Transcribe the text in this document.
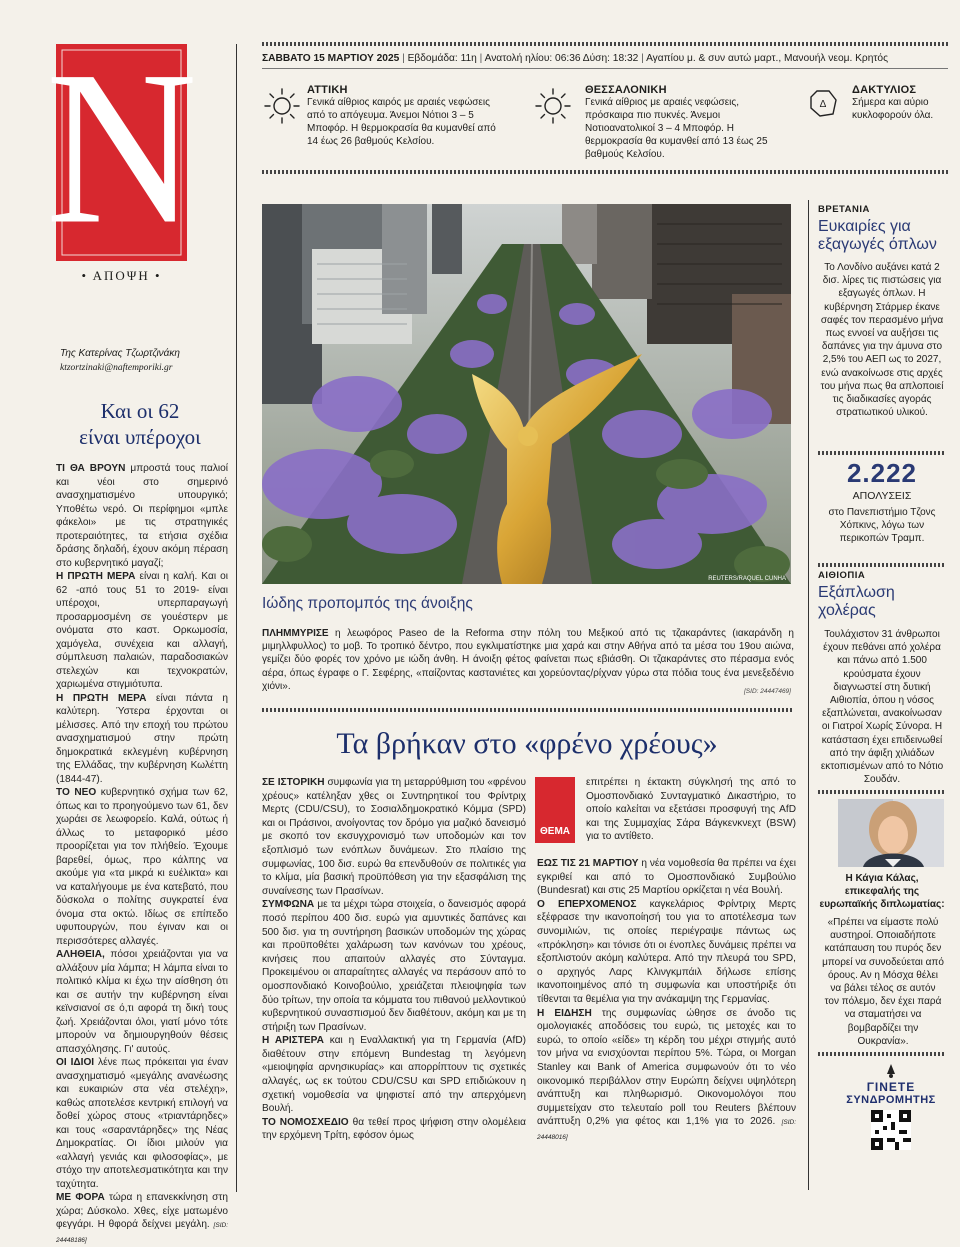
N
• ΑΠΟΨΗ •
ΣΑΒΒΑΤΟ 15 ΜΑΡΤΙΟΥ 2025 | Εβδομάδα: 11η | Ανατολή ηλίου: 06:36 Δύση: 18:32 | Αγαπίου μ. & συν αυτώ μαρτ., Μανουήλ νεομ. Κρητός
ΑΤΤΙΚΗ
Γενικά αίθριος καιρός με αραιές νεφώσεις από το απόγευμα. Άνεμοι Νότιοι 3 – 5 Μποφόρ. Η θερμοκρασία θα κυμανθεί από 14 έως 26 βαθμούς Κελσίου.
ΘΕΣΣΑΛΟΝΙΚΗ
Γενικά αίθριος με αραιές νεφώσεις, πρόσκαιρα πιο πυκνές. Άνεμοι Νοτιοανατολικοί 3 – 4 Μποφόρ. Η θερμοκρασία θα κυμανθεί από 13 έως 25 βαθμούς Κελσίου.
Δ
ΔΑΚΤΥΛΙΟΣ
Σήμερα και αύριο κυκλοφορούν όλα.
REUTERS/RAQUEL CUNHA
Ιώδης προπομπός της άνοιξης
ΠΛΗΜΜΥΡΙΣΕ η λεωφόρος Paseo de la Reforma στην πόλη του Μεξικού από τις τζακαράντες (ιακαράνδη η μιμηλλφυλλος) το μοβ. Το τροπικό δέντρο, που εγκλιματίστηκε μια χαρά και στην Αθήνα από τα μέσα του 19ου αιώνα, γεμίζει δύο φορές τον χρόνο με ιώδη άνθη. Η άνοιξη φέτος φαίνεται πως εβιάσθη. Οι τζακαράντες στο πέρασμα ενός αέρα, όπως έγραφε ο Γ. Σεφέρης, «παίζοντας καστανιέτες και χορεύοντας/ρίχναν γύρω στα πόδια τους ένα μενεξεδένιο χιόνι».	[SID: 24447469]
ΒΡΕΤΑΝΙΑ
Ευκαιρίες για εξαγωγές όπλων
Το Λονδίνο αυξάνει κατά 2 δισ. λίρες τις πιστώσεις για εξαγωγές όπλων. Η κυβέρνηση Στάρμερ έκανε σαφές τον περασμένο μήνα πως εννοεί να αυξήσει τις δαπάνες για την άμυνα στο 2,5% του ΑΕΠ ως το 2027, ενώ ανακοίνωσε στις αρχές του μήνα πως θα απλοποιεί τις διαδικασίες αγοράς στρατιωτικού υλικού.
2.222
ΑΠΟΛΥΣΕΙΣ
στο Πανεπιστήμιο Τζονς Χόπκινς, λόγω των περικοπών Τραμπ.
ΑΙΘΙΟΠΙΑ
Εξάπλωση χολέρας
Τουλάχιστον 31 άνθρωποι έχουν πεθάνει από χολέρα και πάνω από 1.500 κρούσματα έχουν διαγνωστεί στη δυτική Αιθιοπία, όπου η νόσος εξαπλώνεται, ανακοίνωσαν οι Γιατροί Χωρίς Σύνορα. Η κατάσταση έχει επιδεινωθεί από την άφιξη χιλιάδων εκτοπισμένων από το Νότιο Σουδάν.
Η Κάγια Κάλας, επικεφαλής της ευρωπαϊκής διπλωματίας:
«Πρέπει να είμαστε πολύ αυστηροί. Οποιαδήποτε κατάπαυση του πυρός δεν μπορεί να συνοδεύεται από όρους. Αν η Μόσχα θέλει να βάλει τέλος σε αυτόν τον πόλεμο, δεν έχει παρά να σταματήσει να βομβαρδίζει την Ουκρανία».
ΓΙΝΕΤΕ
ΣΥΝΔΡΟΜΗΤΗΣ
Της Κατερίνας Τζωρτζινάκη
ktzortzinaki@naftemporiki.gr
Και οι 62
είναι υπέροχοι

ΤΙ ΘΑ ΒΡΟΥΝ μπροστά τους παλιοί και νέοι στο σημερινό ανασχηματισμένο υπουργικό; Υποθέτω νερό. Οι περίφημοι «μπλε φάκελοι» με τις στρατηγικές προτεραιότητες, τα ετήσια σχέδια δράσης δηλαδή, έχουν ακόμη πέραση στο κυβερνητικό μαγαζί;

Η ΠΡΩΤΗ ΜΕΡΑ είναι η καλή. Και οι 62 -από τους 51 το 2019- είναι υπέροχοι, υπερπαραγωγή προσαρμοσμένη σε γουέστερν με ονόματα στο καστ. Ορκωμοσία, χαμόγελα, συνέχεια και αλλαγή, σύμπλευση παλαιών, παραδοσιακών στελεχών και τεχνοκρατών, χαριωμένα στιγμιότυπα.

Η ΠΡΩΤΗ ΜΕΡΑ είναι πάντα η καλύτερη. Ύστερα έρχονται οι μέλισσες. Από την εποχή του πρώτου ανασχηματισμού στην πρώτη δημοκρατικά εκλεγμένη κυβέρνηση της Ελλάδας, την κυβέρνηση Κωλέττη (1844-47).

ΤΟ ΝΕΟ κυβερνητικό σχήμα των 62, όπως και το προηγούμενο των 61, δεν χωράει σε λεωφορείο. Καλά, ούτως ή άλλως το μεταφορικό μέσο προορίζεται για τον πλήθείο. Έχουμε βαρεθεί, όμως, προ κάλπης να ακούμε για «τα μικρά κι ευέλικτα» και να καταλήγουμε με ένα κατεβατό, που δύσκολα ο πολίτης συγκρατεί ένα όνομα στα οκτώ. Ιδίως σε επίπεδο υφυπουργών, που έγιναν και οι περισσότερες αλλαγές.

ΑΛΗΘΕΙΑ, πόσοι χρειάζονται για να αλλάξουν μία λάμπα; Η λάμπα είναι το πολιτικό κλίμα κι έχω την αίσθηση ότι και σε αυτήν την κυβέρνηση είναι κεϊνσιανοί σε ό,τι αφορά τη δική τους ζωή. Χρειάζονται όλοι, γιατί μόνο τότε μπορούν να δημιουργηθούν θέσεις απασχόλησης. Γι' αυτούς.

ΟΙ ΙΔΙΟΙ λένε πως πρόκειται για έναν ανασχηματισμό «μεγάλης ανανέωσης και ευκαιριών στα νέα στελέχη», καθώς αποτελέσε κεντρική επιλογή να δοθεί χώρος στους «τριαντάρηδες» και τους «σαραντάρηδες» της Νέας Δημοκρατίας. Οι ίδιοι μιλούν για «αλλαγή γενιάς και φιλοσοφίας», με στόχο την αποτελεσματικότητα και την ταχύτητα.

ΜΕ ΦΟΡΑ τώρα η επανεκκίνηση στη χώρα; Δύσκολο. Χθες, είχε ματωμένο φεγγάρι. Η θφορά δείχνει μεγάλη. [SID: 24448186]

Τα βρήκαν στο «φρένο χρέους»

ΣΕ ΙΣΤΟΡΙΚΗ συμφωνία για τη μεταρρύθμιση του «φρένου χρέους» κατέληξαν χθες οι Συντηρητικοί του Φρίντριχ Μερτς (CDU/CSU), το Σοσιαλδημοκρατικό Κόμμα (SPD) και οι Πράσινοι, ανοίγοντας τον δρόμο για μαζικό δανεισμό με σκοπό τον εκσυγχρονισμό των υποδομών και τον εξοπλισμό των ενόπλων δυνάμεων. Στο πλαίσιο της συμφωνίας, 100 δισ. ευρώ θα επενδυθούν σε πολιτικές για το κλίμα, μία βασική προϋπόθεση για την εξασφάλιση της συναίνεσης των Πρασίνων.

ΣΥΜΦΩΝΑ με τα μέχρι τώρα στοιχεία, ο δανεισμός αφορά ποσό περίπου 400 δισ. ευρώ για αμυντικές δαπάνες και 500 δισ. για τη συντήρηση βασικών υποδομών της χώρας και προϋποθέτει χαλάρωση των κανόνων του χρέους, κινήσεις που απαιτούν αλλαγές στο Σύνταγμα. Προκειμένου οι απαραίτητες αλλαγές να περάσουν από το ομοσπονδιακό Κοινοβούλιο, χρειάζεται πλειοψηφία των δύο τρίτων, την οποία τα κόμματα του πιθανού μελλοντικού κυβερνητικού συνασπισμού δεν διαθέτουν, ακόμη και με τη στήριξη των Πρασίνων.

Η ΑΡΙΣΤΕΡΑ και η Εναλλακτική για τη Γερμανία (AfD) διαθέτουν στην επόμενη Bundestag τη λεγόμενη «μειοψηφία αρνησικυρίας» και απορρίπτουν τις σχετικές αλλαγές, ως εκ τούτου CDU/CSU και SPD επιδιώκουν η σχετική νομοθεσία να ψηφιστεί από την απερχόμενη Βουλή.

ΤΟ ΝΟΜΟΣΧΕΔΙΟ θα τεθεί προς ψήφιση στην ολομέλεια την ερχόμενη Τρίτη, εφόσον όμως

ΘΕΜΑ

επιτρέπει η έκτακτη σύγκλησή της από το Ομοσπονδιακό Συνταγματικό Δικαστήριο, το οποίο καλείται να εξετάσει προσφυγή της AfD και της Συμμαχίας Σάρα Βάγκενκνεχτ (BSW) για το αντίθετο.

ΕΩΣ ΤΙΣ 21 ΜΑΡΤΙΟΥ η νέα νομοθεσία θα πρέπει να έχει εγκριθεί και από το Ομοσπονδιακό Συμβούλιο (Bundesrat) και στις 25 Μαρτίου ορκίζεται η νέα Βουλή.

Ο ΕΠΕΡΧΟΜΕΝΟΣ καγκελάριος Φρίντριχ Μερτς εξέφρασε την ικανοποίησή του για το αποτέλεσμα των συνομιλιών, τις οποίες περιέγραψε πάντως ως «πρόκληση» και τόνισε ότι οι ένοπλες δυνάμεις πρέπει να εξοπλιστούν ακόμη καλύτερα. Από την πλευρά του SPD, ο αρχηγός Λαρς Κλινγκμπάιλ δήλωσε επίσης ικανοποιημένος από τη συμφωνία και υποστήριξε ότι τίθενται τα θεμέλια για την ανάκαμψη της Γερμανίας.

Η ΕΙΔΗΣΗ της συμφωνίας ώθησε σε άνοδο τις ομολογιακές αποδόσεις του ευρώ, τις μετοχές και το ευρώ, το οποίο «είδε» τη κέρδη του μέχρι στιγμής αυτό τον μήνα να ενισχύονται περίπου 5%. Τώρα, οι Morgan Stanley και Bank of America συμφωνούν ότι το νέο οικονομικό περιβάλλον στην Ευρώπη δείχνει υψηλότερη ανάπτυξη και πληθωρισμό. Οικονομολόγοι που συμμετείχαν στο τελευταίο poll του Reuters βλέπουν ανάπτυξη 0,2% για φέτος και 1,1% για το 2026. [SID: 24448016]
